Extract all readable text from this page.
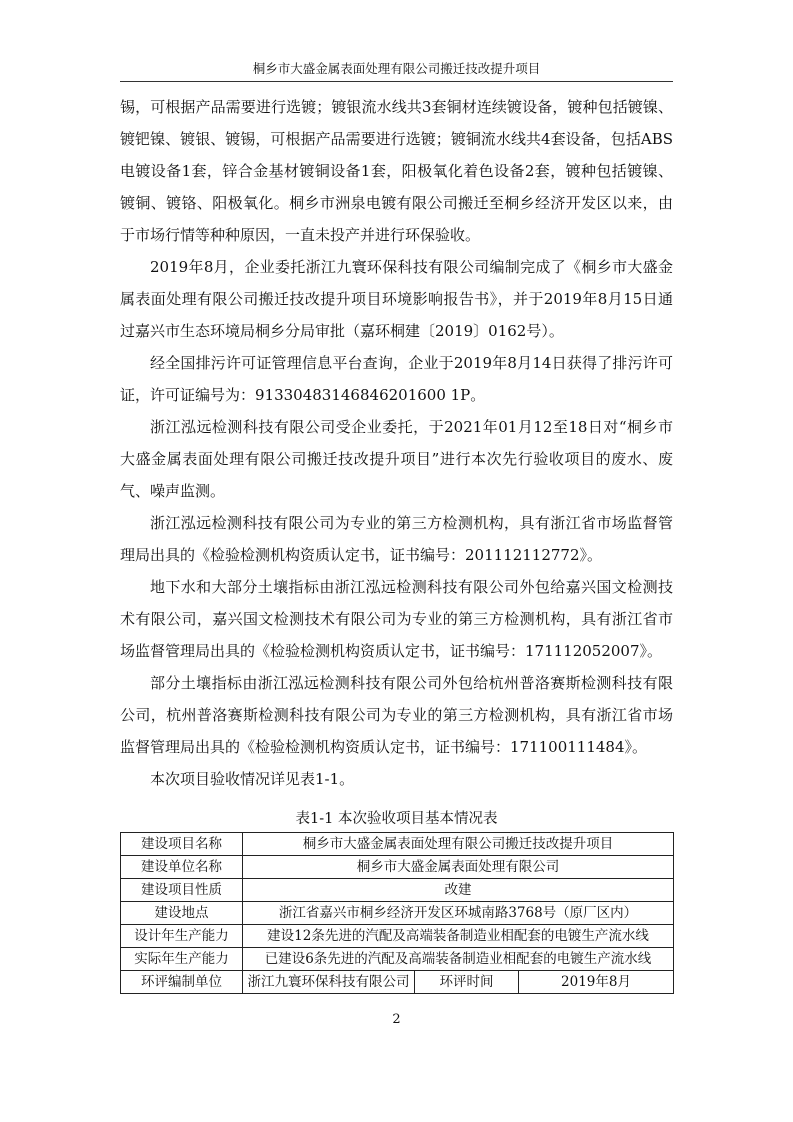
桐乡市大盛金属表面处理有限公司搬迁技改提升项目

锡，可根据产品需要进行选镀；镀银流水线共3套铜材连续镀设备，镀种包括镀镍、镀钯镍、镀银、镀锡，可根据产品需要进行选镀；镀铜流水线共4套设备，包括ABS电镀设备1套，锌合金基材镀铜设备1套，阳极氧化着色设备2套，镀种包括镀镍、镀铜、镀铬、阳极氧化。桐乡市洲泉电镀有限公司搬迁至桐乡经济开发区以来，由于市场行情等种种原因，一直未投产并进行环保验收。

2019年8月，企业委托浙江九寰环保科技有限公司编制完成了《桐乡市大盛金属表面处理有限公司搬迁技改提升项目环境影响报告书》，并于2019年8月15日通过嘉兴市生态环境局桐乡分局审批（嘉环桐建〔2019〕0162号）。

经全国排污许可证管理信息平台查询，企业于2019年8月14日获得了排污许可证，许可证编号为：91330483146846201600 1P。

浙江泓远检测科技有限公司受企业委托，于2021年01月12至18日对“桐乡市大盛金属表面处理有限公司搬迁技改提升项目”进行本次先行验收项目的废水、废气、噪声监测。

浙江泓远检测科技有限公司为专业的第三方检测机构，具有浙江省市场监督管理局出具的《检验检测机构资质认定书，证书编号：201112112772》。

地下水和大部分土壤指标由浙江泓远检测科技有限公司外包给嘉兴国文检测技术有限公司，嘉兴国文检测技术有限公司为专业的第三方检测机构，具有浙江省市场监督管理局出具的《检验检测机构资质认定书，证书编号：171112052007》。

部分土壤指标由浙江泓远检测科技有限公司外包给杭州普洛赛斯检测科技有限公司，杭州普洛赛斯检测科技有限公司为专业的第三方检测机构，具有浙江省市场监督管理局出具的《检验检测机构资质认定书，证书编号：171100111484》。

本次项目验收情况详见表1-1。

表1-1 本次验收项目基本情况表
建设项目名称	桐乡市大盛金属表面处理有限公司搬迁技改提升项目		
建设单位名称	桐乡市大盛金属表面处理有限公司		
建设项目性质	改建		
建设地点	浙江省嘉兴市桐乡经济开发区环城南路3768号（原厂区内）		
设计年生产能力	建设12条先进的汽配及高端装备制造业相配套的电镀生产流水线		
实际年生产能力	已建设6条先进的汽配及高端装备制造业相配套的电镀生产流水线		
环评编制单位	浙江九寰环保科技有限公司	环评时间	2019年8月
2
